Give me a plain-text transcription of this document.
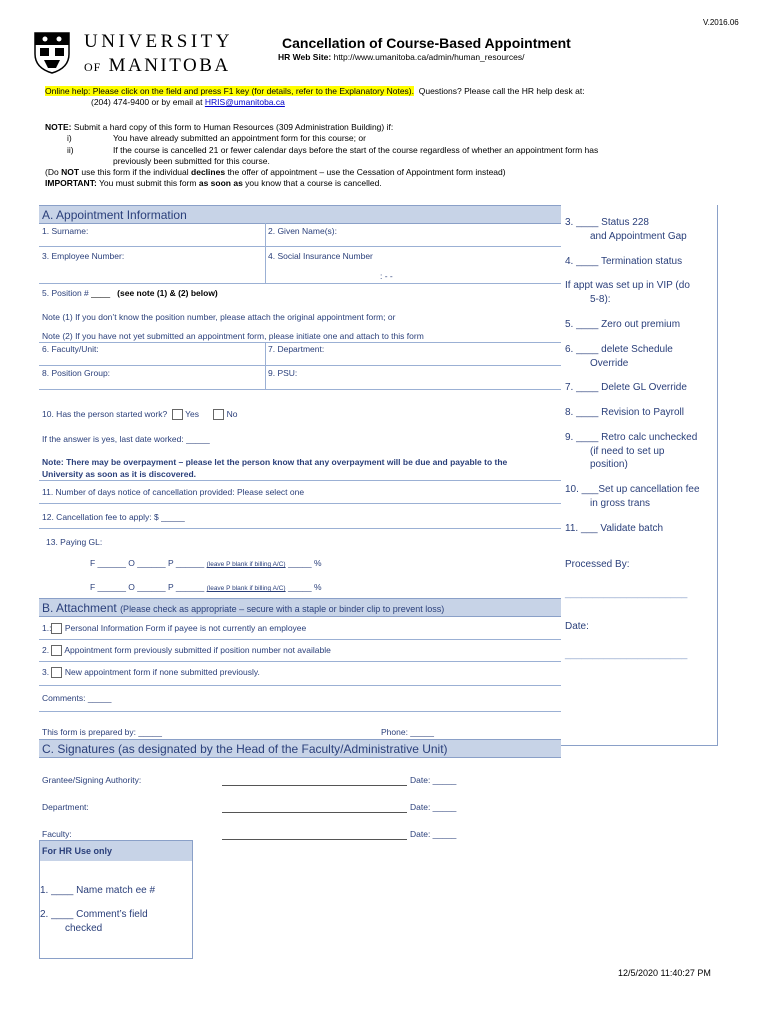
V.2016.06
UNIVERSITY
OF MANITOBA
Cancellation of Course-Based Appointment
HR Web Site: http://www.umanitoba.ca/admin/human_resources/
Online help: Please click on the field and press F1 key (for details, refer to the Explanatory Notes). Questions? Please call the HR help desk at:
(204) 474-9400 or by email at HRIS@umanitoba.ca
NOTE: Submit a hard copy of this form to Human Resources (309 Administration Building) if:
i)	You have already submitted an appointment form for this course; or
ii)	If the course is cancelled 21 or fewer calendar days before the start of the course regardless of whether an appointment form has
previously been submitted for this course.
(Do NOT use this form if the individual declines the offer of appointment – use the Cessation of Appointment form instead)
IMPORTANT: You must submit this form as soon as you know that a course is cancelled.
A. Appointment Information
1. Surname:	2. Given Name(s):
3. Employee Number:	4. Social Insurance Number
: - -
5. Position # ____ (see note (1) & (2) below)
Note (1) If you don’t know the position number, please attach the original appointment form; or
Note (2) If you have not yet submitted an appointment form, please initiate one and attach to this form
6. Faculty/Unit:	7. Department:
8. Position Group:	9. PSU:
10. Has the person started work? Yes	No
If the answer is yes, last date worked: _____
Note: There may be overpayment – please let the person know that any overpayment will be due and payable to the University as soon as it is discovered.
11. Number of days notice of cancellation provided: Please select one
12. Cancellation fee to apply: $ _____
13. Paying GL:
F ______ O ______ P ______ (leave P blank if billing A/C) _____ %
F ______ O ______ P ______ (leave P blank if billing A/C) _____ %
B. Attachment (Please check as appropriate – secure with a staple or binder clip to prevent loss)
1.: Personal Information Form if payee is not currently an employee
2. Appointment form previously submitted if position number not available
3. New appointment form if none submitted previously.
Comments: _____
This form is prepared by: _____	Phone: _____
C. Signatures (as designated by the Head of the Faculty/Administrative Unit)
Grantee/Signing Authority:	Date: _____
Department:	Date: _____
Faculty:	Date: _____
3. ____ Status 228
and Appointment Gap
4. ____ Termination status
If appt was set up in VIP (do
5-8):
5. ____ Zero out premium
6. ____ delete Schedule
Override
7. ____ Delete GL Override
8. ____ Revision to Payroll
9. ____ Retro calc unchecked
(if need to set up
position)
10. ___Set up cancellation fee
in gross trans
11. ___ Validate batch
Processed By:
______________________
Date:
______________________
For HR Use only
1. ____ Name match ee #
2. ____ Comment’s field
checked
12/5/2020 11:40:27 PM
